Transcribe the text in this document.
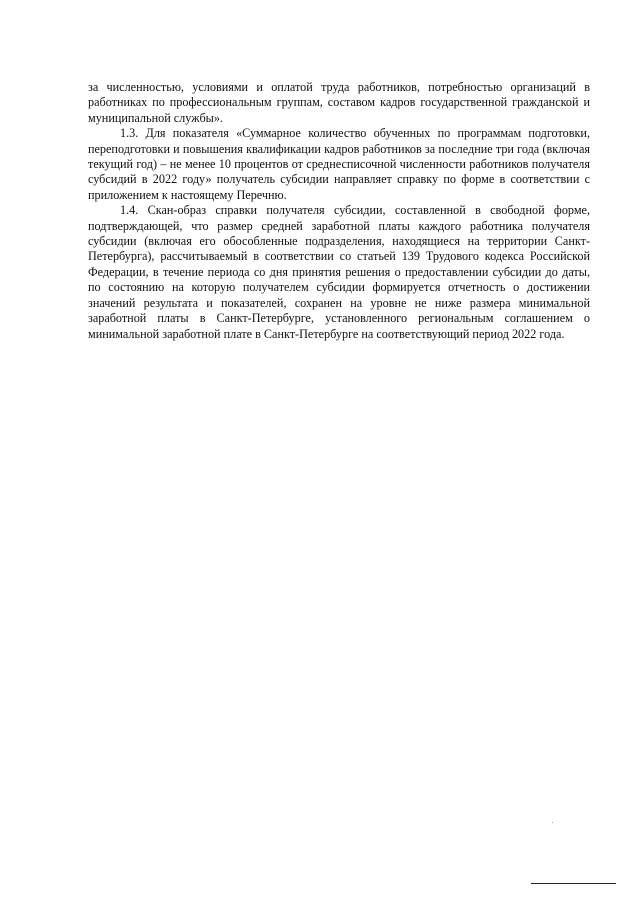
за численностью, условиями и оплатой труда работников, потребностью организаций в работниках по профессиональным группам, составом кадров государственной гражданской и муниципальной службы».

1.3. Для показателя «Суммарное количество обученных по программам подготовки, переподготовки и повышения квалификации кадров работников за последние три года (включая текущий год) – не менее 10 процентов от среднесписочной численности работников получателя субсидий в 2022 году» получатель субсидии направляет справку по форме в соответствии с приложением к настоящему Перечню.

1.4. Скан-образ справки получателя субсидии, составленной в свободной форме, подтверждающей, что размер средней заработной платы каждого работника получателя субсидии (включая его обособленные подразделения, находящиеся на территории Санкт-Петербурга), рассчитываемый в соответствии со статьей 139 Трудового кодекса Российской Федерации, в течение периода со дня принятия решения о предоставлении субсидии до даты, по состоянию на которую получателем субсидии формируется отчетность о достижении значений результата и показателей, сохранен на уровне не ниже размера минимальной заработной платы в Санкт-Петербурге, установленного региональным соглашением о минимальной заработной плате в Санкт-Петербурге на соответствующий период 2022 года.
